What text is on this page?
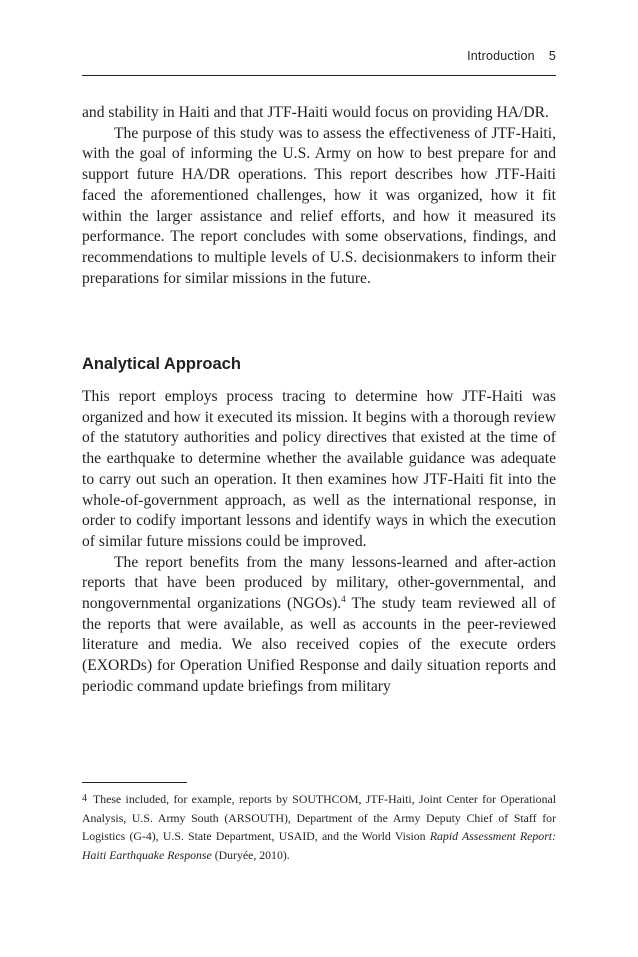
Introduction 5

and stability in Haiti and that JTF-Haiti would focus on providing HA/DR.

The purpose of this study was to assess the effectiveness of JTF-Haiti, with the goal of informing the U.S. Army on how to best prepare for and support future HA/DR operations. This report describes how JTF-Haiti faced the aforementioned challenges, how it was organized, how it fit within the larger assistance and relief efforts, and how it measured its performance. The report concludes with some observations, findings, and recommendations to multiple levels of U.S. decisionmakers to inform their preparations for similar missions in the future.

Analytical Approach

This report employs process tracing to determine how JTF-Haiti was organized and how it executed its mission. It begins with a thorough review of the statutory authorities and policy directives that existed at the time of the earthquake to determine whether the available guidance was adequate to carry out such an operation. It then examines how JTF-Haiti fit into the whole-of-government approach, as well as the international response, in order to codify important lessons and identify ways in which the execution of similar future missions could be improved.

The report benefits from the many lessons-learned and after-action reports that have been produced by military, other-governmental, and nongovernmental organizations (NGOs).$^4$ The study team reviewed all of the reports that were available, as well as accounts in the peer-reviewed literature and media. We also received copies of the execute orders (EXORDs) for Operation Unified Response and daily situation reports and periodic command update briefings from military

4 These included, for example, reports by SOUTHCOM, JTF-Haiti, Joint Center for Operational Analysis, U.S. Army South (ARSOUTH), Department of the Army Deputy Chief of Staff for Logistics (G-4), U.S. State Department, USAID, and the World Vision Rapid Assessment Report: Haiti Earthquake Response (Duryée, 2010).
